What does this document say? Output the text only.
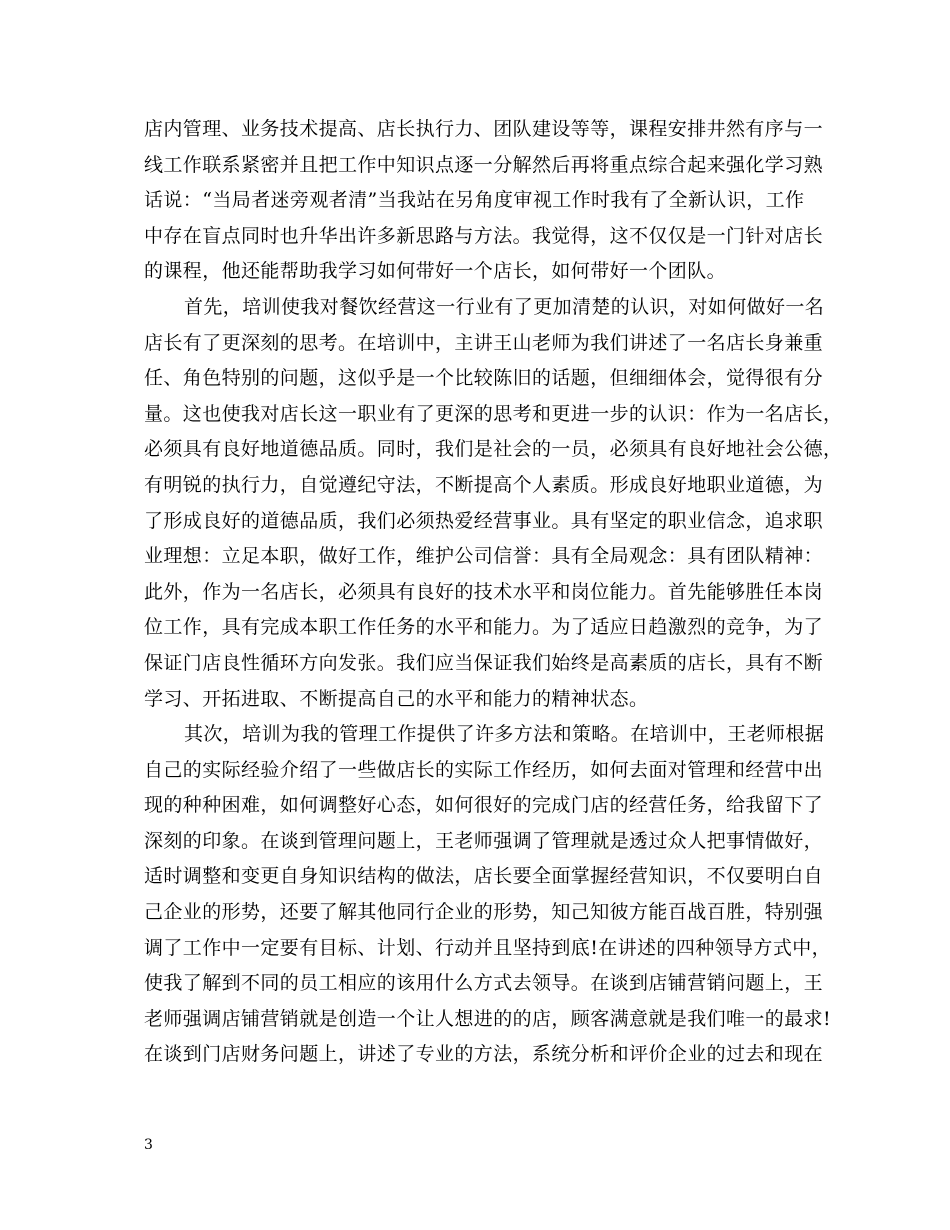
店内管理、业务技术提高、店长执行力、团队建设等等，课程安排井然有序与一
线工作联系紧密并且把工作中知识点逐一分解然后再将重点综合起来强化学习熟
话说：“当局者迷旁观者清”当我站在另角度审视工作时我有了全新认识，工作
中存在盲点同时也升华出许多新思路与方法。我觉得，这不仅仅是一门针对店长
的课程，他还能帮助我学习如何带好一个店长，如何带好一个团队。
首先，培训使我对餐饮经营这一行业有了更加清楚的认识，对如何做好一名
店长有了更深刻的思考。在培训中，主讲王山老师为我们讲述了一名店长身兼重
任、角色特别的问题，这似乎是一个比较陈旧的话题，但细细体会，觉得很有分
量。这也使我对店长这一职业有了更深的思考和更进一步的认识：作为一名店长，
必须具有良好地道德品质。同时，我们是社会的一员，必须具有良好地社会公德，
有明锐的执行力，自觉遵纪守法，不断提高个人素质。形成良好地职业道德，为
了形成良好的道德品质，我们必须热爱经营事业。具有坚定的职业信念，追求职
业理想：立足本职，做好工作，维护公司信誉：具有全局观念：具有团队精神：
此外，作为一名店长，必须具有良好的技术水平和岗位能力。首先能够胜任本岗
位工作，具有完成本职工作任务的水平和能力。为了适应日趋激烈的竞争，为了
保证门店良性循环方向发张。我们应当保证我们始终是高素质的店长，具有不断
学习、开拓进取、不断提高自己的水平和能力的精神状态。
其次，培训为我的管理工作提供了许多方法和策略。在培训中，王老师根据
自己的实际经验介绍了一些做店长的实际工作经历，如何去面对管理和经营中出
现的种种困难，如何调整好心态，如何很好的完成门店的经营任务，给我留下了
深刻的印象。在谈到管理问题上，王老师强调了管理就是透过众人把事情做好，
适时调整和变更自身知识结构的做法，店长要全面掌握经营知识，不仅要明白自
己企业的形势，还要了解其他同行企业的形势，知己知彼方能百战百胜，特别强
调了工作中一定要有目标、计划、行动并且坚持到底!在讲述的四种领导方式中，
使我了解到不同的员工相应的该用什么方式去领导。在谈到店铺营销问题上，王
老师强调店铺营销就是创造一个让人想进的的店，顾客满意就是我们唯一的最求!
在谈到门店财务问题上，讲述了专业的方法，系统分析和评价企业的过去和现在
3
